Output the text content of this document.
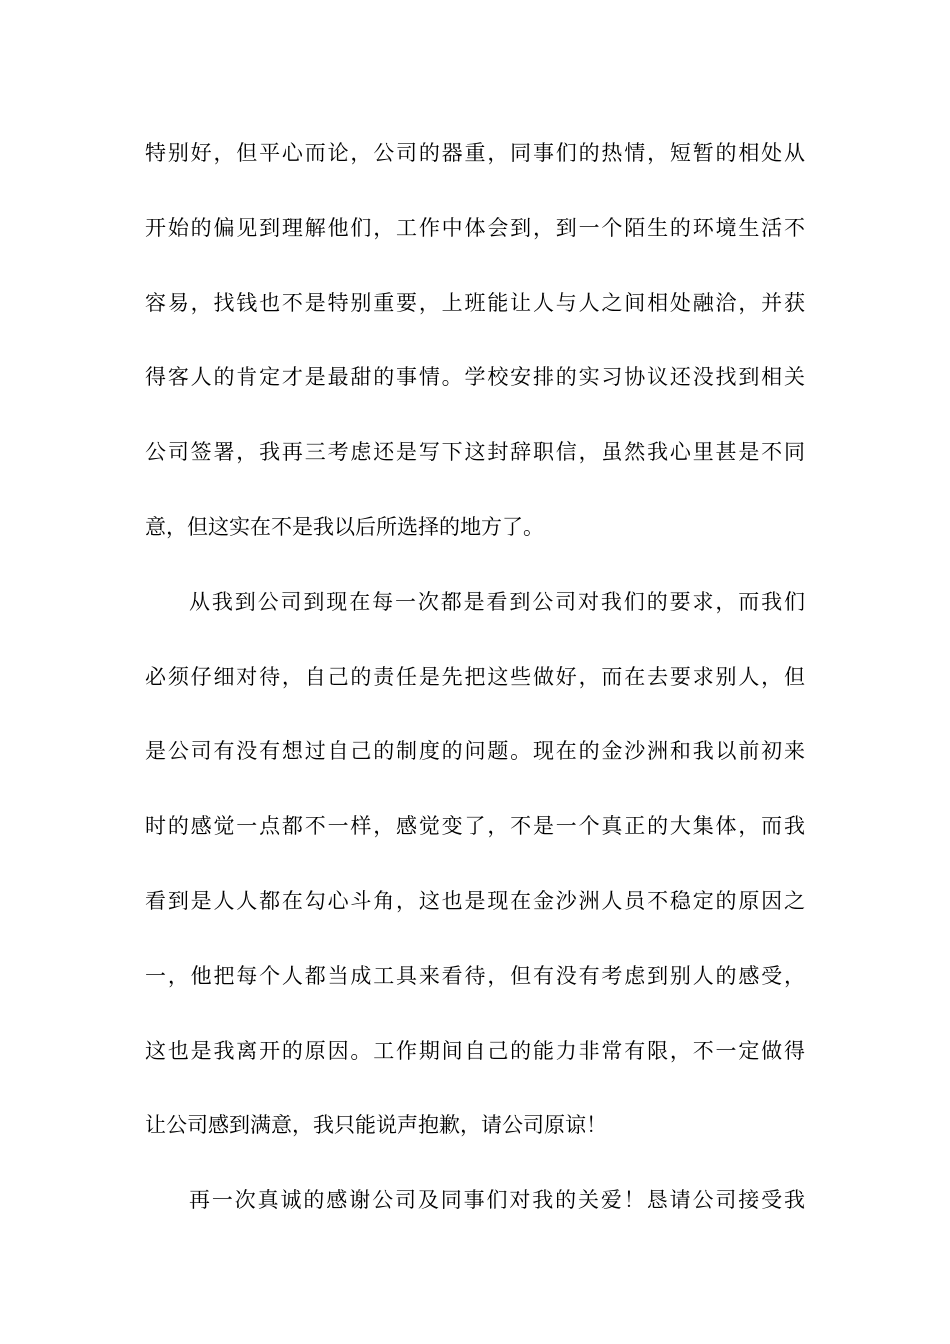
特别好，但平心而论，公司的器重，同事们的热情，短暂的相处从
开始的偏见到理解他们，工作中体会到，到一个陌生的环境生活不
容易，找钱也不是特别重要，上班能让人与人之间相处融洽，并获
得客人的肯定才是最甜的事情。学校安排的实习协议还没找到相关
公司签署，我再三考虑还是写下这封辞职信，虽然我心里甚是不同
意，但这实在不是我以后所选择的地方了。
从我到公司到现在每一次都是看到公司对我们的要求，而我们
必须仔细对待，自己的责任是先把这些做好，而在去要求别人，但
是公司有没有想过自己的制度的问题。现在的金沙洲和我以前初来
时的感觉一点都不一样，感觉变了，不是一个真正的大集体，而我
看到是人人都在勾心斗角，这也是现在金沙洲人员不稳定的原因之
一，他把每个人都当成工具来看待，但有没有考虑到别人的感受，
这也是我离开的原因。工作期间自己的能力非常有限，不一定做得
让公司感到满意，我只能说声抱歉，请公司原谅！
再一次真诚的感谢公司及同事们对我的关爱！恳请公司接受我
